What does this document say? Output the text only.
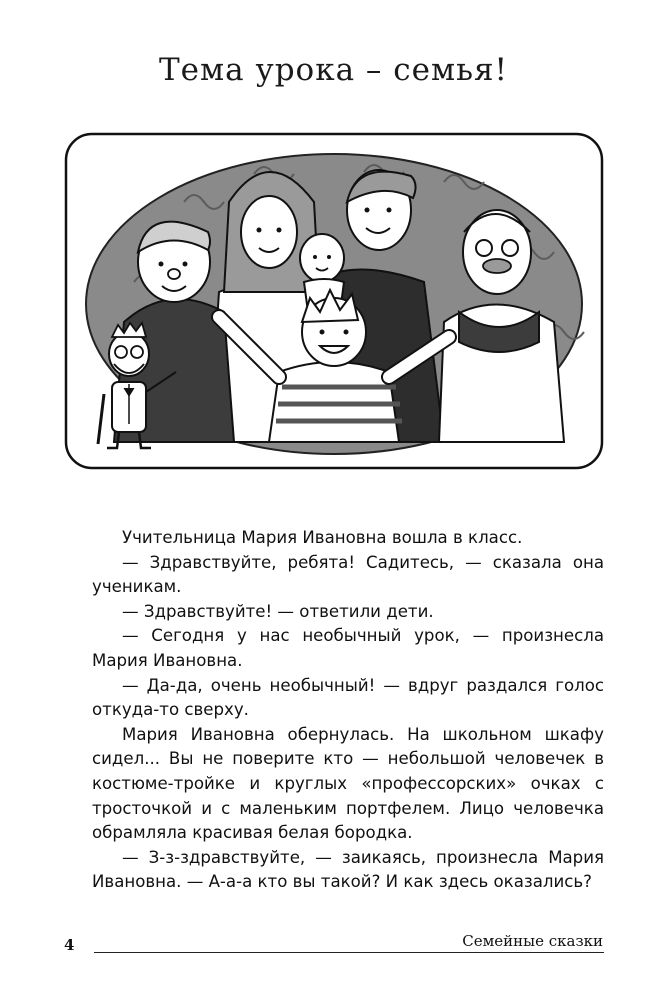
Тема урока – семья!

Учительница Мария Ивановна вошла в класс.

— Здравствуйте, ребята! Садитесь, — сказала она ученикам.

— Здравствуйте! — ответили дети.

— Сегодня у нас необычный урок, — произнесла Мария Ивановна.

— Да-да, очень необычный! — вдруг раздался голос откуда-то сверху.

Мария Ивановна обернулась. На школьном шкафу сидел... Вы не поверите кто — небольшой человечек в костюме-тройке и круглых «профессорских» очках с тросточкой и с маленьким портфелем. Лицо человечка обрамляла красивая белая бородка.

— З-з-здравствуйте, — заикаясь, произнесла Мария Ивановна. — А-а-а кто вы такой? И как здесь оказались?

4	Семейные сказки
